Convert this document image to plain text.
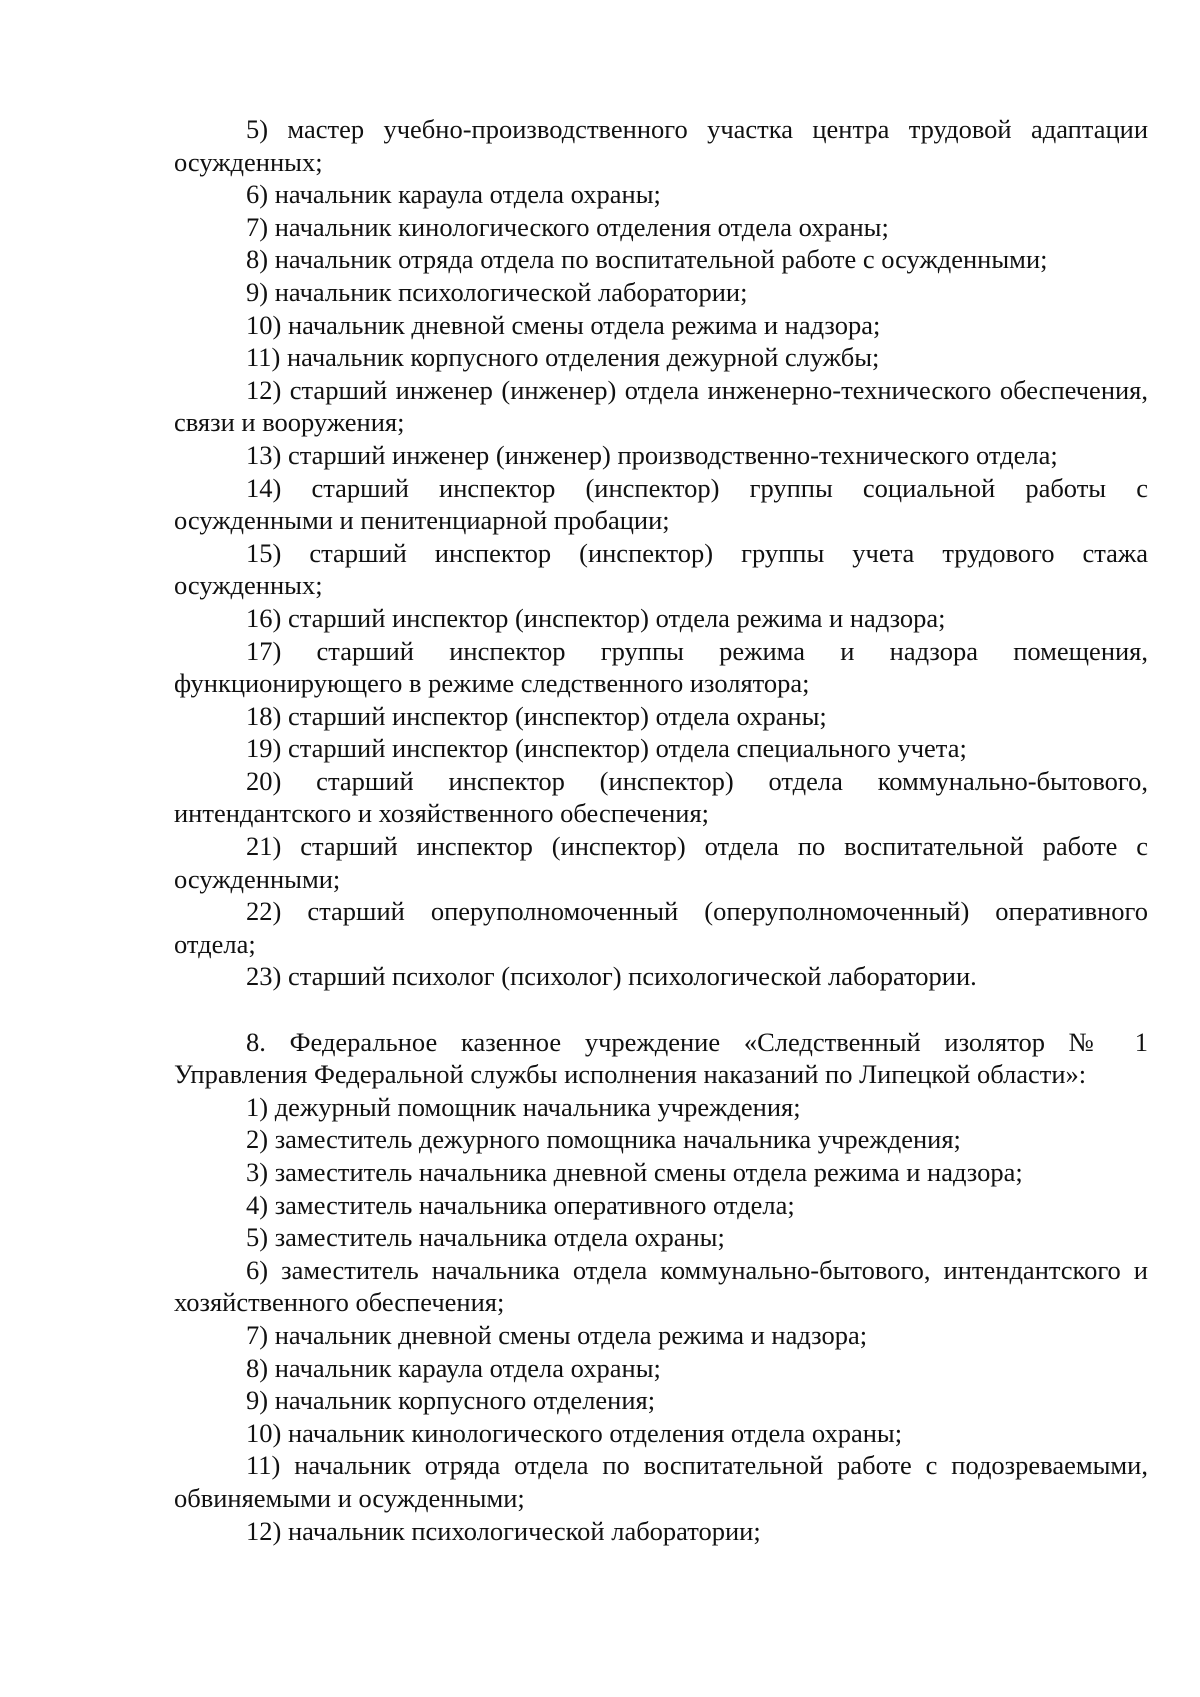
5) мастер учебно-производственного участка центра трудовой адаптации осужденных;

6) начальник караула отдела охраны;

7) начальник кинологического отделения отдела охраны;

8) начальник отряда отдела по воспитательной работе с осужденными;

9) начальник психологической лаборатории;

10) начальник дневной смены отдела режима и надзора;

11) начальник корпусного отделения дежурной службы;

12) старший инженер (инженер) отдела инженерно-технического обеспечения, связи и вооружения;

13) старший инженер (инженер) производственно-технического отдела;

14) старший инспектор (инспектор) группы социальной работы с осужденными и пенитенциарной пробации;

15) старший инспектор (инспектор) группы учета трудового стажа осужденных;

16) старший инспектор (инспектор) отдела режима и надзора;

17) старший инспектор группы режима и надзора помещения, функционирующего в режиме следственного изолятора;

18) старший инспектор (инспектор) отдела охраны;

19) старший инспектор (инспектор) отдела специального учета;

20) старший инспектор (инспектор) отдела коммунально-бытового, интендантского и хозяйственного обеспечения;

21) старший инспектор (инспектор) отдела по воспитательной работе с осужденными;

22) старший оперуполномоченный (оперуполномоченный) оперативного отдела;

23) старший психолог (психолог) психологической лаборатории.

8. Федеральное казенное учреждение «Следственный изолятор № 1 Управления Федеральной службы исполнения наказаний по Липецкой области»:

1) дежурный помощник начальника учреждения;

2) заместитель дежурного помощника начальника учреждения;

3) заместитель начальника дневной смены отдела режима и надзора;

4) заместитель начальника оперативного отдела;

5) заместитель начальника отдела охраны;

6) заместитель начальника отдела коммунально-бытового, интендантского и хозяйственного обеспечения;

7) начальник дневной смены отдела режима и надзора;

8) начальник караула отдела охраны;

9) начальник корпусного отделения;

10) начальник кинологического отделения отдела охраны;

11) начальник отряда отдела по воспитательной работе с подозреваемыми, обвиняемыми и осужденными;

12) начальник психологической лаборатории;
